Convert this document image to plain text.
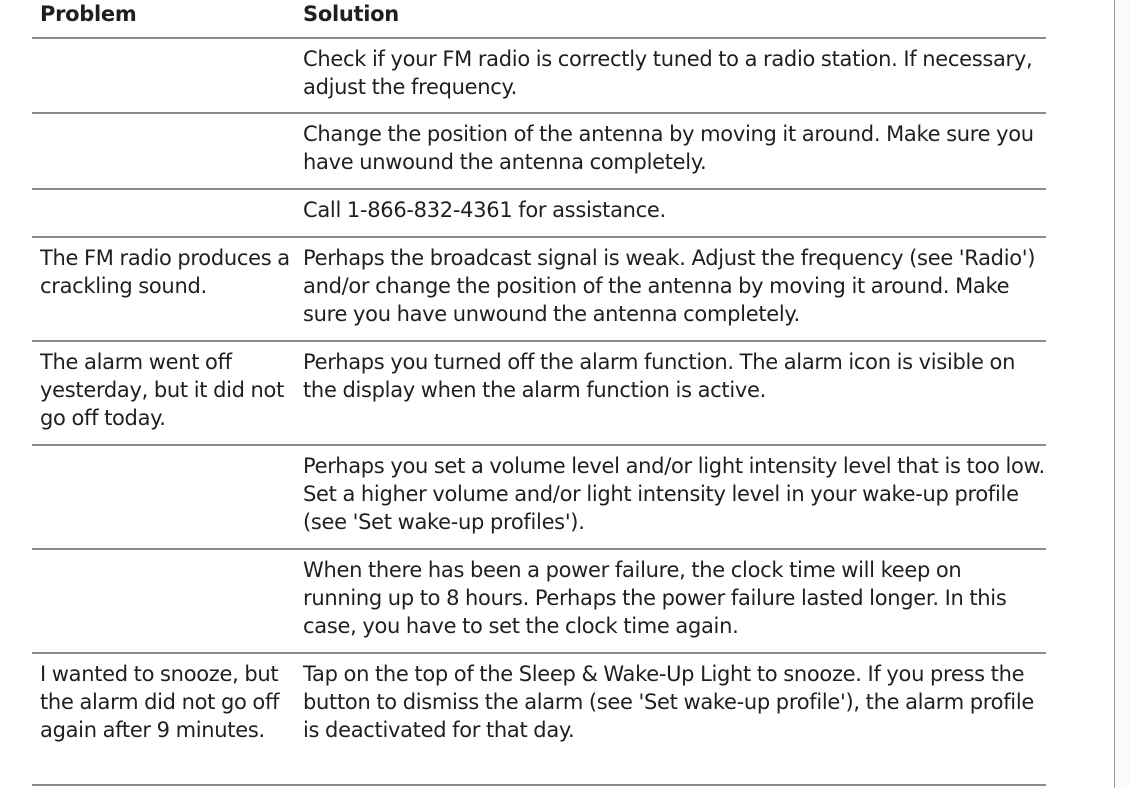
Problem	Solution
	Check if your FM radio is correctly tuned to a radio station. If necessary, adjust the frequency.
	Change the position of the antenna by moving it around. Make sure you have unwound the antenna completely.
	Call 1-866-832-4361 for assistance.
The FM radio produces a crackling sound.	Perhaps the broadcast signal is weak. Adjust the frequency (see 'Radio') and/or change the position of the antenna by moving it around. Make sure you have unwound the antenna completely.
The alarm went off yesterday, but it did not go off today.	Perhaps you turned off the alarm function. The alarm icon is visible on the display when the alarm function is active.
	Perhaps you set a volume level and/or light intensity level that is too low. Set a higher volume and/or light intensity level in your wake-up profile (see 'Set wake-up profiles').
	When there has been a power failure, the clock time will keep on running up to 8 hours. Perhaps the power failure lasted longer. In this case, you have to set the clock time again.
I wanted to snooze, but the alarm did not go off again after 9 minutes.	Tap on the top of the Sleep & Wake-Up Light to snooze. If you press the button to dismiss the alarm (see 'Set wake-up profile'), the alarm profile is deactivated for that day.
